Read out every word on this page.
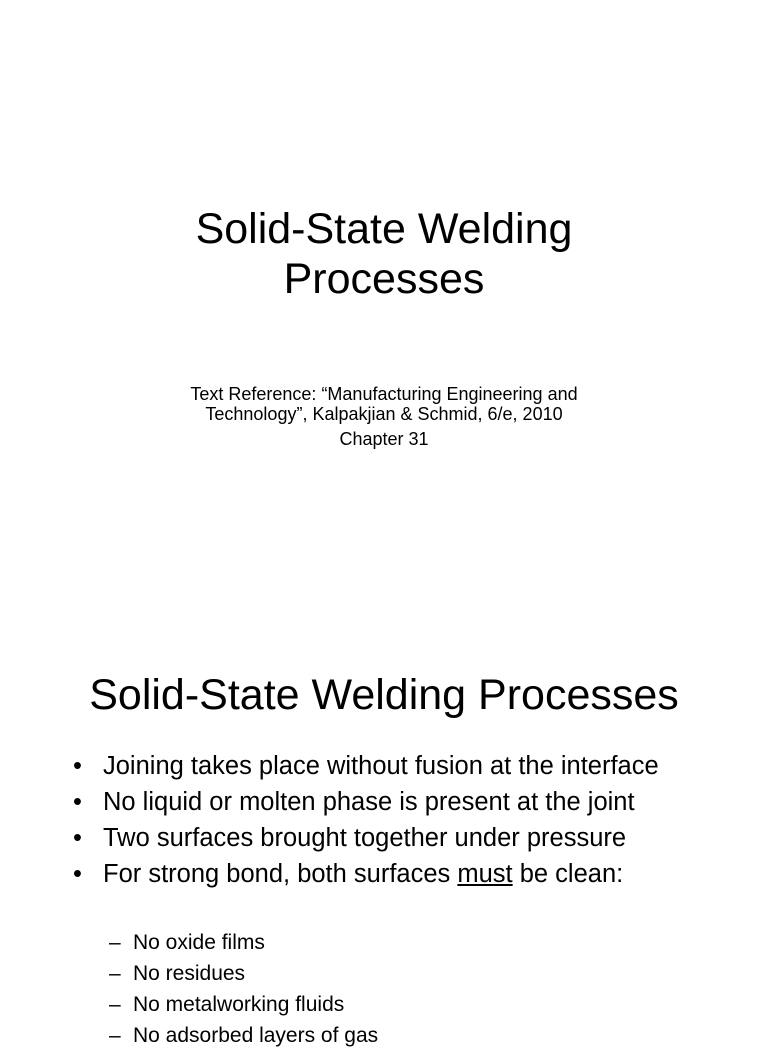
Solid-State Welding
Processes
Text Reference: “Manufacturing Engineering and
Technology”, Kalpakjian & Schmid, 6/e, 2010
Chapter 31
Solid-State Welding Processes
• Joining takes place without fusion at the interface
• No liquid or molten phase is present at the joint
• Two surfaces brought together under pressure
• For strong bond, both surfaces must be clean:
– No oxide films
– No residues
– No metalworking fluids
– No adsorbed layers of gas
